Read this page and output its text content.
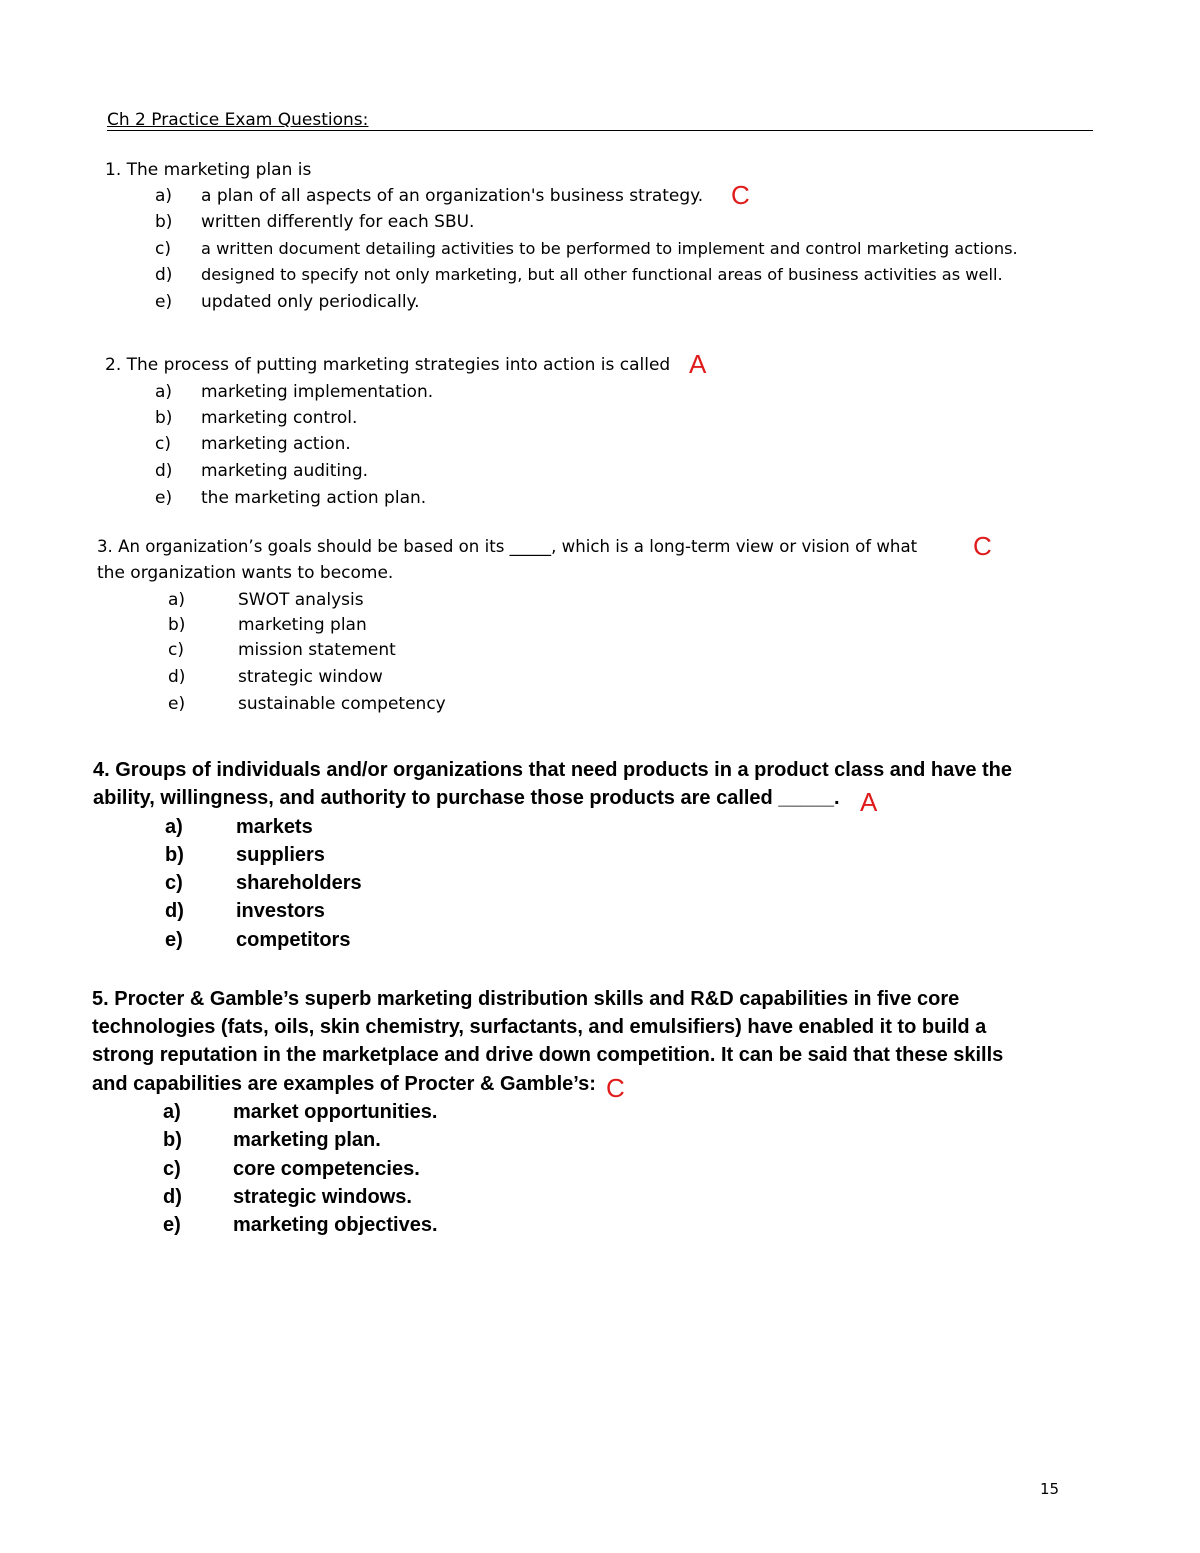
Ch 2 Practice Exam Questions:
1. The marketing plan is
a) a plan of all aspects of an organization's business strategy.
b) written differently for each SBU.
c) a written document detailing activities to be performed to implement and control marketing actions.
d) designed to specify not only marketing, but all other functional areas of business activities as well.
e) updated only periodically.
C
2. The process of putting marketing strategies into action is called A
a) marketing implementation.
b) marketing control.
c) marketing action.
d) marketing auditing.
e) the marketing action plan.
3. An organization’s goals should be based on its _____, which is a long-term view or vision of what C
the organization wants to become.
a)	SWOT analysis
b)	marketing plan
c)	mission statement
d)	strategic window
e)	sustainable competency
4. Groups of individuals and/or organizations that need products in a product class and have the
ability, willingness, and authority to purchase those products are called _____. A
a)	markets
b)	suppliers
c)	shareholders
d)	investors
e)	competitors
5. Procter & Gamble’s superb marketing distribution skills and R&D capabilities in five core
technologies (fats, oils, skin chemistry, surfactants, and emulsifiers) have enabled it to build a
strong reputation in the marketplace and drive down competition. It can be said that these skills
and capabilities are examples of Procter & Gamble’s: C
a)	market opportunities.
b)	marketing plan.
c)	core competencies.
d)	strategic windows.
e)	marketing objectives.
15
